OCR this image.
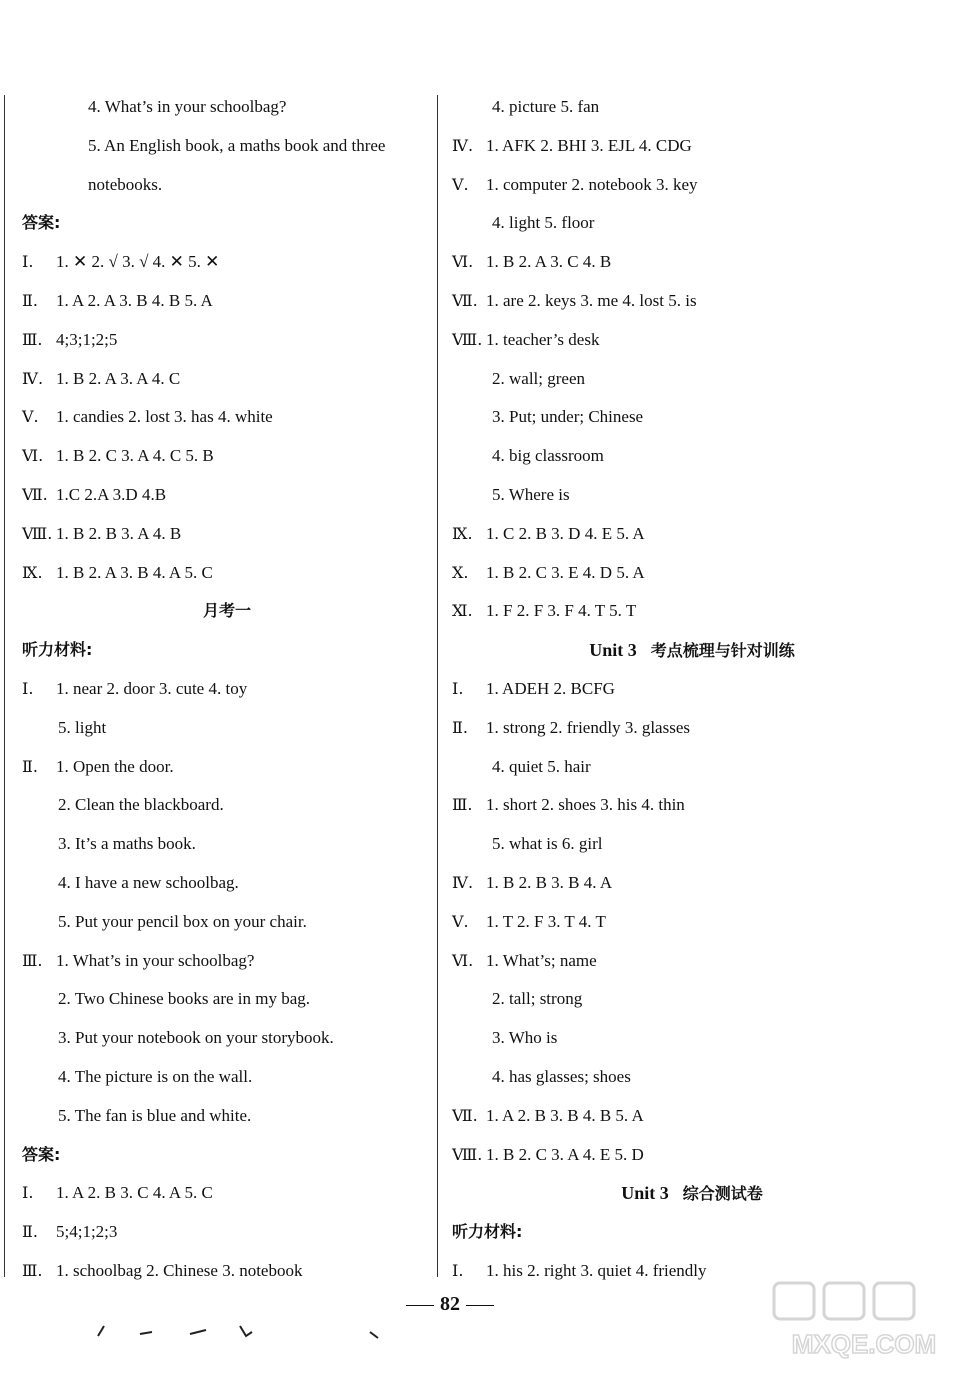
4. What’s in your schoolbag?
5. An English book, a maths book and three
notebooks.
答案:
Ⅰ. 1. ✕ 2. √ 3. √ 4. ✕ 5. ✕
Ⅱ. 1. A 2. A 3. B 4. B 5. A
Ⅲ. 4;3;1;2;5
Ⅳ. 1. B 2. A 3. A 4. C
Ⅴ. 1. candies 2. lost 3. has 4. white
Ⅵ. 1. B 2. C 3. A 4. C 5. B
Ⅶ. 1.C 2.A 3.D 4.B
Ⅷ. 1. B 2. B 3. A 4. B
Ⅸ. 1. B 2. A 3. B 4. A 5. C
月考一
听力材料:
Ⅰ. 1. near 2. door 3. cute 4. toy
5. light
Ⅱ. 1. Open the door.
2. Clean the blackboard.
3. It’s a maths book.
4. I have a new schoolbag.
5. Put your pencil box on your chair.
Ⅲ. 1. What’s in your schoolbag?
2. Two Chinese books are in my bag.
3. Put your notebook on your storybook.
4. The picture is on the wall.
5. The fan is blue and white.
答案:
Ⅰ. 1. A 2. B 3. C 4. A 5. C
Ⅱ. 5;4;1;2;3
Ⅲ. 1. schoolbag 2. Chinese 3. notebook
4. picture 5. fan
Ⅳ. 1. AFK 2. BHI 3. EJL 4. CDG
Ⅴ. 1. computer 2. notebook 3. key
4. light 5. floor
Ⅵ. 1. B 2. A 3. C 4. B
Ⅶ. 1. are 2. keys 3. me 4. lost 5. is
Ⅷ. 1. teacher’s desk
2. wall; green
3. Put; under; Chinese
4. big classroom
5. Where is
Ⅸ. 1. C 2. B 3. D 4. E 5. A
Ⅹ. 1. B 2. C 3. E 4. D 5. A
Ⅺ. 1. F 2. F 3. F 4. T 5. T
Unit 3 考点梳理与针对训练
Ⅰ. 1. ADEH 2. BCFG
Ⅱ. 1. strong 2. friendly 3. glasses
4. quiet 5. hair
Ⅲ. 1. short 2. shoes 3. his 4. thin
5. what is 6. girl
Ⅳ. 1. B 2. B 3. B 4. A
Ⅴ. 1. T 2. F 3. T 4. T
Ⅵ. 1. What’s; name
2. tall; strong
3. Who is
4. has glasses; shoes
Ⅶ. 1. A 2. B 3. B 4. B 5. A
Ⅷ. 1. B 2. C 3. A 4. E 5. D
Unit 3 综合测试卷
听力材料:
Ⅰ. 1. his 2. right 3. quiet 4. friendly
82
MXQE.COM
